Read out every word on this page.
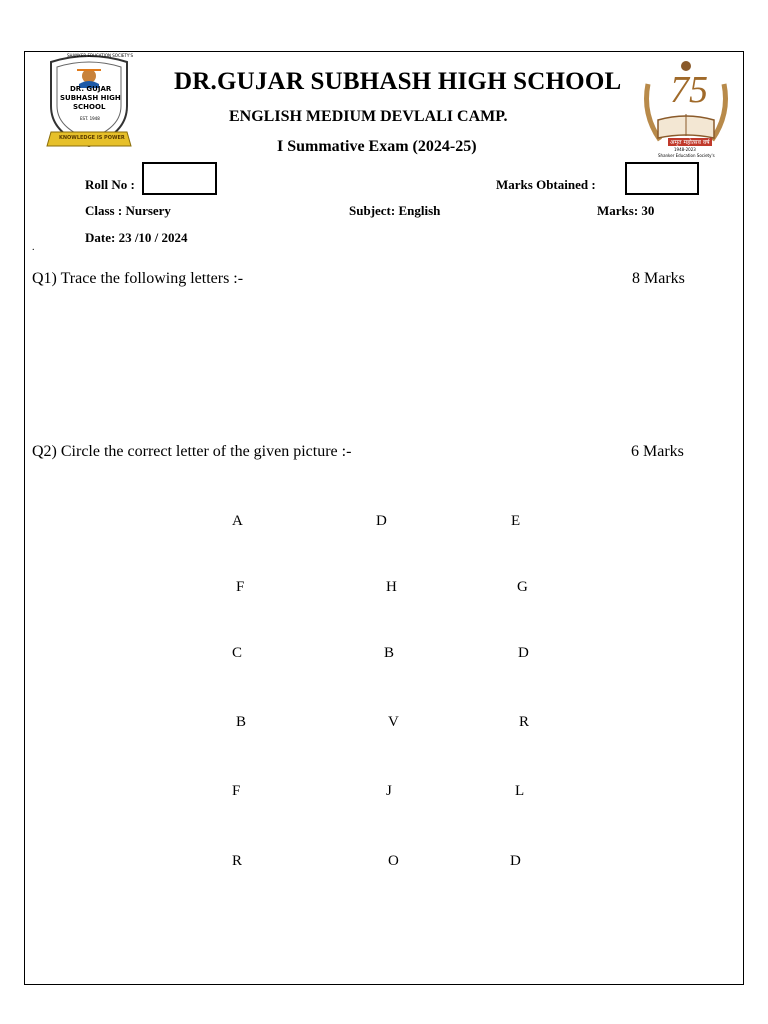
SHANKER EDUCATION SOCIETY'S
DR. GUJAR
SUBHASH HIGH
SCHOOL
EST. 1948
KNOWLEDGE IS POWER
75
अमृत महोत्सव वर्ष
1948-2023
Shanker Education Society's
DR.GUJAR SUBHASH HIGH SCHOOL
ENGLISH MEDIUM DEVLALI CAMP.
I Summative Exam (2024-25)
Roll No :	Marks Obtained :
Class : Nursery	Subject: English	Marks: 30
Date: 23 /10 / 2024
.
Q1) Trace the following letters :-	8 Marks
Q2) Circle the correct letter of the given picture :-	6 Marks
A	D	E
F	H	G
C	B	D
B	V	R
F	J	L
R	O	D
